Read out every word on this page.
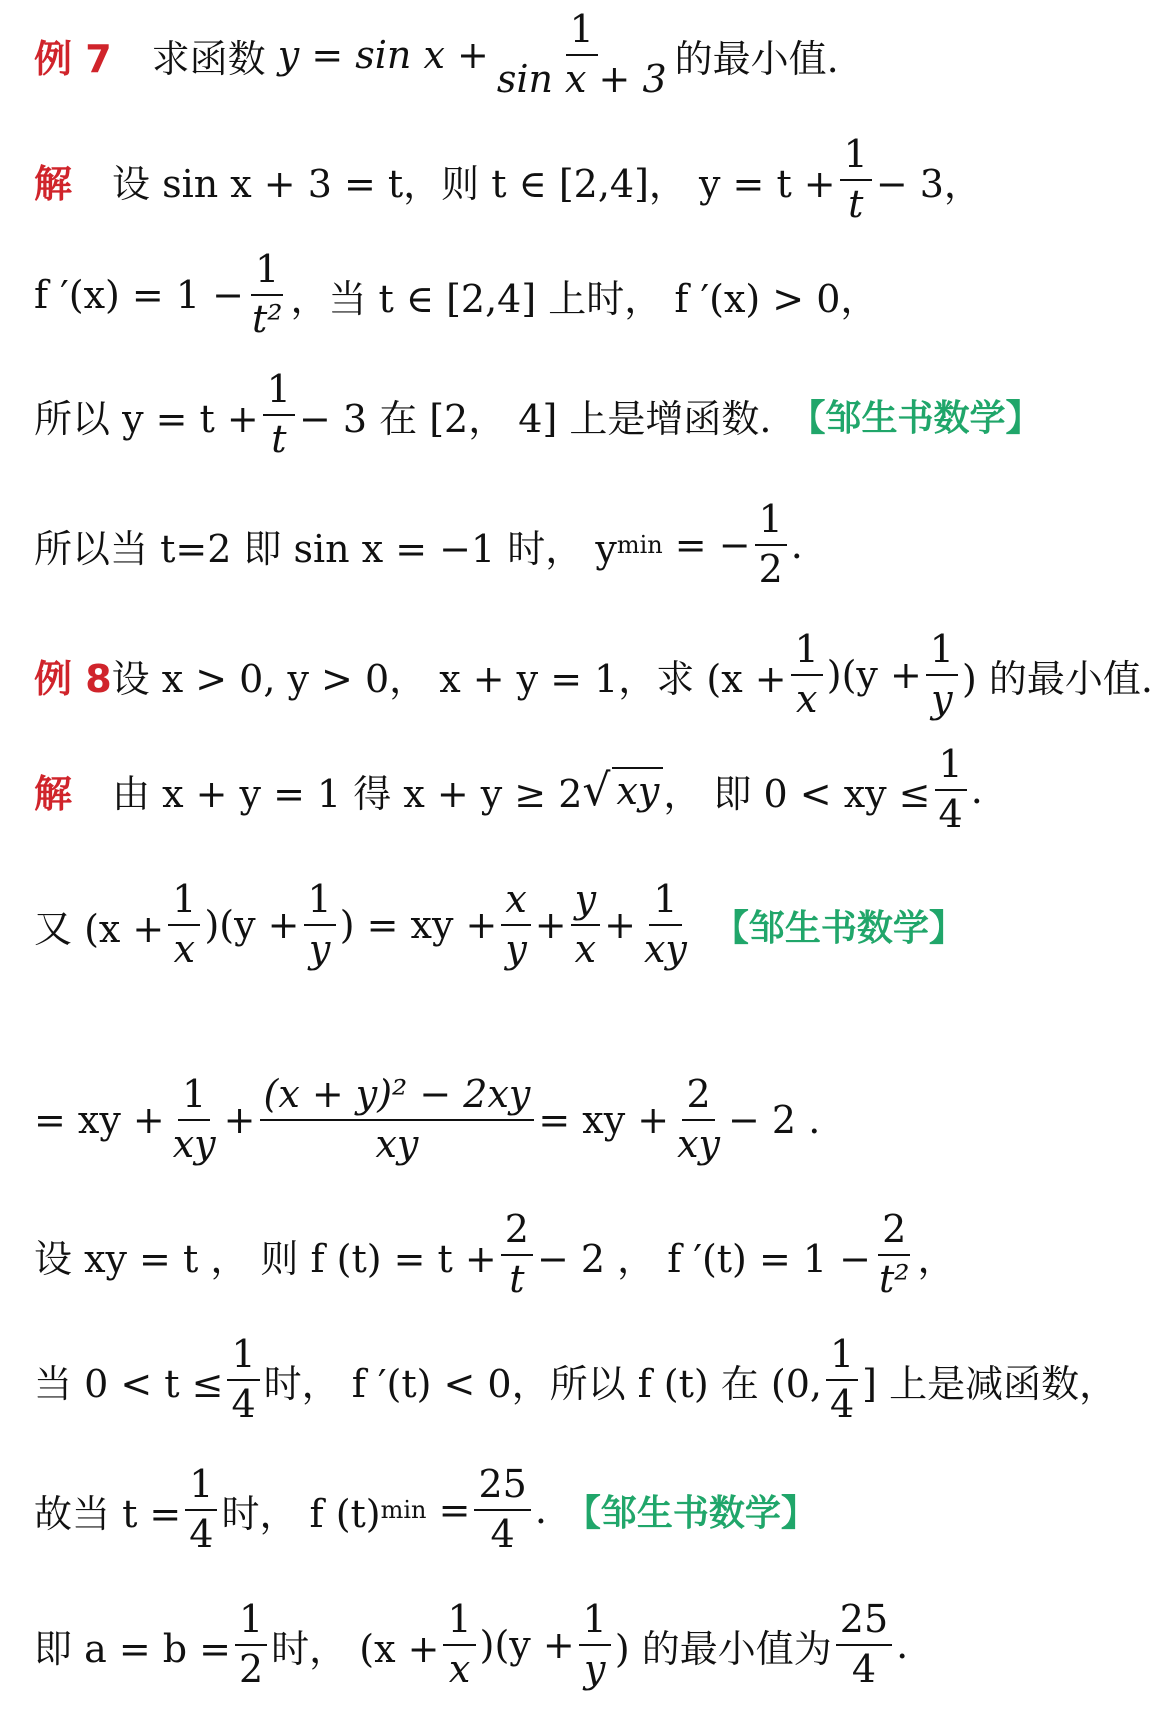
例 7 求函数
$y = \sin x + \frac{1}{\text{sin x + 3}}$ 的最小值.
解 设 sin x + 3 = t，则 t ∈ [2,4]， $y = t + \frac{1}{t} - 3$，
f $'(x) = 1 - \frac{1}{\text{t²}}$ ，当 t ∈ [2,4] 上时， f ′(x) > 0，
所以 $y = t + \frac{1}{t} - 3$ 在 [2， 4] 上是增函数. 【邹生书数学】
所以当 t=2 即 sin x = −1 时， y min
= − $\frac{1}{2}$ .
例 8 设 x > 0, y > 0， x + y = 1，求 $(x + \frac{1}{x} )(y + \frac{1}{y}$ ) 的最小值.
解 由 x + y = 1 得 x + y ≥ 2 √ xy ， 即 0 < xy ≤ $\frac{1}{4}$ .
又 $(x + \frac{1}{x} )(y + \frac{1}{y}$ ) = xy + $\frac{x}{y} + \frac{y}{x} + \frac{1}{xy}$ 【邹生书数学】
= xy + $\frac{1}{xy} + \frac{\text{(x + y)² − 2xy}}{xy}$ = xy + $\frac{2}{xy} - 2$ .
设 xy = t ， 则 f $(t) = t + \frac{2}{t} - 2$ ， f $'(t) = 1 - \frac{2}{\text{t²}}$ ，
当 $0 < t \le \frac{1}{4}$ 时， f ′(t) < 0，所以 f (t) 在 (0, $\frac{1}{4}$ ] 上是减函数，
故当 $t = \frac{1}{4}$ 时， f (t) min
= $\frac{25}{4}$ . 【邹生书数学】
即 $a = b = \frac{1}{2}$ 时， $(x + \frac{1}{x} )(y + \frac{1}{y}$ ) 的最小值为 $\frac{25}{4}$ .
